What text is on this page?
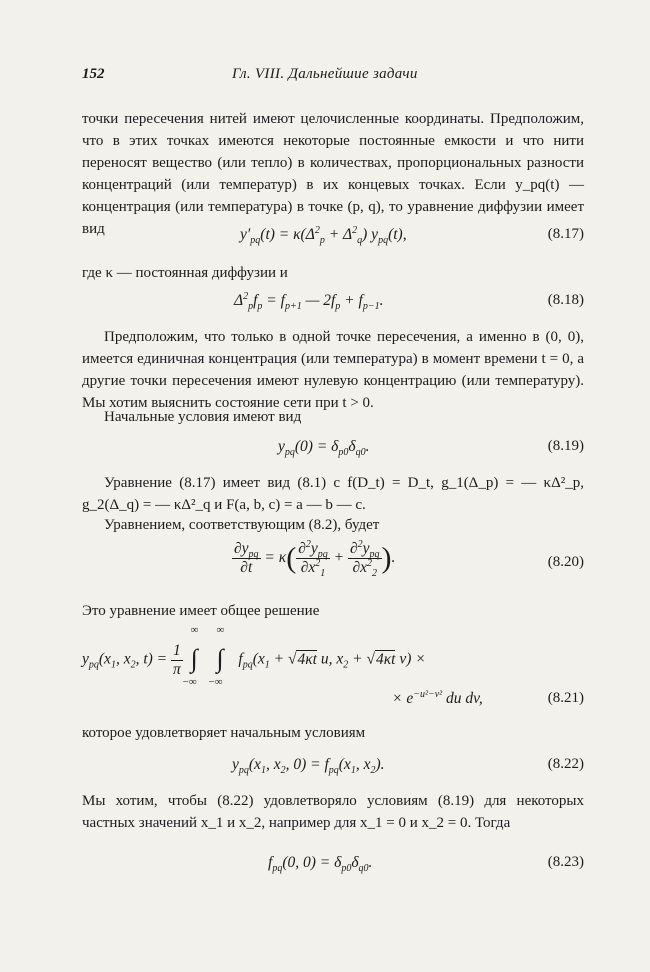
152	Гл. VIII. Дальнейшие задачи
точки пересечения нитей имеют целочисленные координаты. Предположим, что в этих точках имеются некоторые постоянные емкости и что нити переносят вещество (или тепло) в количествах, пропорциональных разности концентраций (или температур) в их концевых точках. Если y_pq(t) — концентрация (или температура) в точке (p, q), то уравнение диффузии имеет вид	$y'_{pq}(t) = \kappa(\Delta^2_p + \Delta^2_q)$ $y_{pq}(t)$,	(8.17)
где κ — постоянная диффузии и
$\Delta^2_pf_p = f_{p+1}$ — $2f_p + f_{p-1}$.	(8.18)
Предположим, что только в одной точке пересечения, а именно в (0, 0), имеется единичная концентрация (или температура) в момент времени t = 0, а другие точки пересечения имеют нулевую концентрацию (или температуру). Мы хотим выяснить состояние сети при t > 0.
Начальные условия имеют вид
$y_{pq}(0) = \delta_{p0}\delta_{q0}$.	(8.19)
Уравнение (8.17) имеет вид (8.1) с f(D_t) = D_t, g_1(Δ_p) = — κΔ²_p, g_2(Δ_q) = — κΔ²_q и F(a, b, c) = a — b — c.
Уравнением, соответствующим (8.2), будет
$\frac{\partial y_{pq}}{\partial t} = \kappa( \frac{\partial^2y_{pq}}{\partial x^2_1} + \frac{\partial^2y_{pq}}{\partial x^2_2}$ ).	(8.20)
Это уравнение имеет общее решение
$y_{pq}(x_1$, $x_2$, $t) = \frac{1}{\pi}$

∞
∫
−∞

∞
∫
−∞
$f_{pq}(x_1 + √4\kappa t$ u, $x_2 + √4\kappa t$ v) ×
× $e^{-u^2-v^2}$ du dv,	(8.21)
которое удовлетворяет начальным условиям
$y_{pq}(x_1$, $x_2$, $0) = f_{pq}(x_1$, $x_2$).	(8.22)
Мы хотим, чтобы (8.22) удовлетворяло условиям (8.19) для некоторых частных значений x_1 и x_2, например для x_1 = 0 и x_2 = 0. Тогда
$f_{pq}(0$, $0) = \delta_{p0}\delta_{q0}$.	(8.23)
